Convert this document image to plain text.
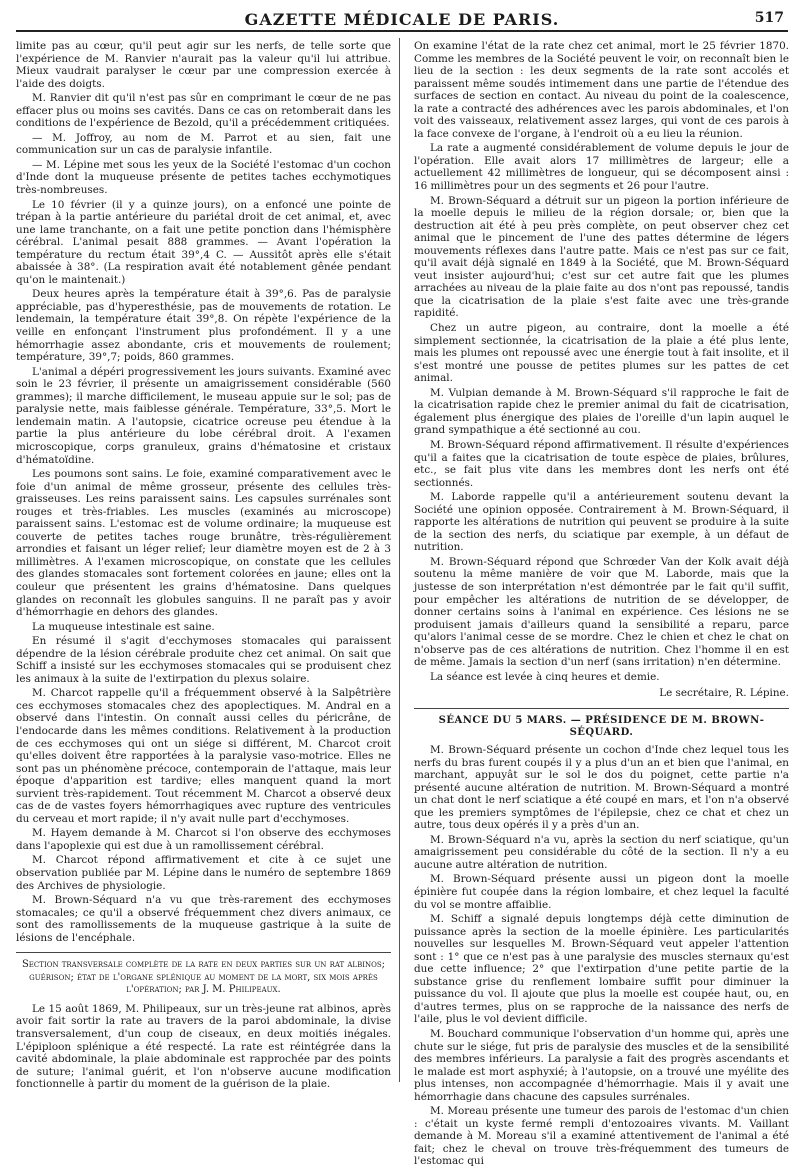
GAZETTE MÉDICALE DE PARIS.	517

limite pas au cœur, qu'il peut agir sur les nerfs, de telle sorte que l'expérience de M. Ranvier n'aurait pas la valeur qu'il lui attribue. Mieux vaudrait paralyser le cœur par une compression exercée à l'aide des doigts.

M. Ranvier dit qu'il n'est pas sûr en comprimant le cœur de ne pas effacer plus ou moins ses cavités. Dans ce cas on retomberait dans les conditions de l'expérience de Bezold, qu'il a précédemment critiquées.

— M. Joffroy, au nom de M. Parrot et au sien, fait une communication sur un cas de paralysie infantile.

— M. Lépine met sous les yeux de la Société l'estomac d'un cochon d'Inde dont la muqueuse présente de petites taches ecchymotiques très-nombreuses.

Le 10 février (il y a quinze jours), on a enfoncé une pointe de trépan à la partie antérieure du pariétal droit de cet animal, et, avec une lame tranchante, on a fait une petite ponction dans l'hémisphère cérébral. L'animal pesait 888 grammes. — Avant l'opération la température du rectum était 39°,4 C. — Aussitôt après elle s'était abaissée à 38°. (La respiration avait été notablement gênée pendant qu'on le maintenait.)

Deux heures après la température était à 39°,6. Pas de paralysie appréciable, pas d'hyperesthésie, pas de mouvements de rotation. Le lendemain, la température était 39°,8. On répète l'expérience de la veille en enfonçant l'instrument plus profondément. Il y a une hémorrhagie assez abondante, cris et mouvements de roulement; température, 39°,7; poids, 860 grammes.

L'animal a dépéri progressivement les jours suivants. Examiné avec soin le 23 février, il présente un amaigrissement considérable (560 grammes); il marche difficilement, le museau appuie sur le sol; pas de paralysie nette, mais faiblesse générale. Température, 33°,5. Mort le lendemain matin. A l'autopsie, cicatrice ocreuse peu étendue à la partie la plus antérieure du lobe cérébral droit. A l'examen microscopique, corps granuleux, grains d'hématosine et cristaux d'hématoïdine.

Les poumons sont sains. Le foie, examiné comparativement avec le foie d'un animal de même grosseur, présente des cellules très-graisseuses. Les reins paraissent sains. Les capsules surrénales sont rouges et très-friables. Les muscles (examinés au microscope) paraissent sains. L'estomac est de volume ordinaire; la muqueuse est couverte de petites taches rouge brunâtre, très-régulièrement arrondies et faisant un léger relief; leur diamètre moyen est de 2 à 3 millimètres. A l'examen microscopique, on constate que les cellules des glandes stomacales sont fortement colorées en jaune; elles ont la couleur que présentent les grains d'hématosine. Dans quelques glandes on reconnaît les globules sanguins. Il ne paraît pas y avoir d'hémorrhagie en dehors des glandes.

La muqueuse intestinale est saine.

En résumé il s'agit d'ecchymoses stomacales qui paraissent dépendre de la lésion cérébrale produite chez cet animal. On sait que Schiff a insisté sur les ecchymoses stomacales qui se produisent chez les animaux à la suite de l'extirpation du plexus solaire.

M. Charcot rappelle qu'il a fréquemment observé à la Salpêtrière ces ecchymoses stomacales chez des apoplectiques. M. Andral en a observé dans l'intestin. On connaît aussi celles du péricrâne, de l'endocarde dans les mêmes conditions. Relativement à la production de ces ecchymoses qui ont un siége si différent, M. Charcot croit qu'elles doivent être rapportées à la paralysie vaso-motrice. Elles ne sont pas un phénomène précoce, contemporain de l'attaque, mais leur époque d'apparition est tardive; elles manquent quand la mort survient très-rapidement. Tout récemment M. Charcot a observé deux cas de de vastes foyers hémorrhagiques avec rupture des ventricules du cerveau et mort rapide; il n'y avait nulle part d'ecchymoses.

M. Hayem demande à M. Charcot si l'on observe des ecchymoses dans l'apoplexie qui est due à un ramollissement cérébral.

M. Charcot répond affirmativement et cite à ce sujet une observation publiée par M. Lépine dans le numéro de septembre 1869 des Archives de physiologie.

M. Brown-Séquard n'a vu que très-rarement des ecchymoses stomacales; ce qu'il a observé fréquemment chez divers animaux, ce sont des ramollissements de la muqueuse gastrique à la suite de lésions de l'encéphale.

Section transversale complète de la rate en deux parties sur un rat albinos; guérison; état de l'organe splénique au moment de la mort, six mois après l'opération; par J. M. Philipeaux.

Le 15 août 1869, M. Philipeaux, sur un très-jeune rat albinos, après avoir fait sortir la rate au travers de la paroi abdominale, la divise transversalement, d'un coup de ciseaux, en deux moitiés inégales. L'épiploon splénique a été respecté. La rate est réintégrée dans la cavité abdominale, la plaie abdominale est rapprochée par des points de suture; l'animal guérit, et l'on n'observe aucune modification fonctionnelle à partir du moment de la guérison de la plaie.

On examine l'état de la rate chez cet animal, mort le 25 février 1870. Comme les membres de la Société peuvent le voir, on reconnaît bien le lieu de la section : les deux segments de la rate sont accolés et paraissent même soudés intimement dans une partie de l'étendue des surfaces de section en contact. Au niveau du point de la coalescence, la rate a contracté des adhérences avec les parois abdominales, et l'on voit des vaisseaux, relativement assez larges, qui vont de ces parois à la face convexe de l'organe, à l'endroit où a eu lieu la réunion.

La rate a augmenté considérablement de volume depuis le jour de l'opération. Elle avait alors 17 millimètres de largeur; elle a actuellement 42 millimètres de longueur, qui se décomposent ainsi : 16 millimètres pour un des segments et 26 pour l'autre.

M. Brown-Séquard a détruit sur un pigeon la portion inférieure de la moelle depuis le milieu de la région dorsale; or, bien que la destruction ait été à peu près complète, on peut observer chez cet animal que le pincement de l'une des pattes détermine de légers mouvements réflexes dans l'autre patte. Mais ce n'est pas sur ce fait, qu'il avait déjà signalé en 1849 à la Société, que M. Brown-Séquard veut insister aujourd'hui; c'est sur cet autre fait que les plumes arrachées au niveau de la plaie faite au dos n'ont pas repoussé, tandis que la cicatrisation de la plaie s'est faite avec une très-grande rapidité.

Chez un autre pigeon, au contraire, dont la moelle a été simplement sectionnée, la cicatrisation de la plaie a été plus lente, mais les plumes ont repoussé avec une énergie tout à fait insolite, et il s'est montré une pousse de petites plumes sur les pattes de cet animal.

M. Vulpian demande à M. Brown-Séquard s'il rapproche le fait de la cicatrisation rapide chez le premier animal du fait de cicatrisation, également plus énergique des plaies de l'oreille d'un lapin auquel le grand sympathique a été sectionné au cou.

M. Brown-Séquard répond affirmativement. Il résulte d'expériences qu'il a faites que la cicatrisation de toute espèce de plaies, brûlures, etc., se fait plus vite dans les membres dont les nerfs ont été sectionnés.

M. Laborde rappelle qu'il a antérieurement soutenu devant la Société une opinion opposée. Contrairement à M. Brown-Séquard, il rapporte les altérations de nutrition qui peuvent se produire à la suite de la section des nerfs, du sciatique par exemple, à un défaut de nutrition.

M. Brown-Séquard répond que Schrœder Van der Kolk avait déjà soutenu la même manière de voir que M. Laborde, mais que la justesse de son interprétation n'est démontrée par le fait qu'il suffit, pour empêcher les altérations de nutrition de se développer, de donner certains soins à l'animal en expérience. Ces lésions ne se produisent jamais d'ailleurs quand la sensibilité a reparu, parce qu'alors l'animal cesse de se mordre. Chez le chien et chez le chat on n'observe pas de ces altérations de nutrition. Chez l'homme il en est de même. Jamais la section d'un nerf (sans irritation) n'en détermine.

La séance est levée à cinq heures et demie.

Le secrétaire, R. Lépine.

SÉANCE DU 5 MARS. — PRÉSIDENCE DE M. BROWN-SÉQUARD.

M. Brown-Séquard présente un cochon d'Inde chez lequel tous les nerfs du bras furent coupés il y a plus d'un an et bien que l'animal, en marchant, appuyât sur le sol le dos du poignet, cette partie n'a présenté aucune altération de nutrition. M. Brown-Séquard a montré un chat dont le nerf sciatique a été coupé en mars, et l'on n'a observé que les premiers symptômes de l'épilepsie, chez ce chat et chez un autre, tous deux opérés il y a près d'un an.

M. Brown-Séquard n'a vu, après la section du nerf sciatique, qu'un amaigrissement peu considérable du côté de la section. Il n'y a eu aucune autre altération de nutrition.

M. Brown-Séquard présente aussi un pigeon dont la moelle épinière fut coupée dans la région lombaire, et chez lequel la faculté du vol se montre affaiblie.

M. Schiff a signalé depuis longtemps déjà cette diminution de puissance après la section de la moelle épinière. Les particularités nouvelles sur lesquelles M. Brown-Séquard veut appeler l'attention sont : 1° que ce n'est pas à une paralysie des muscles sternaux qu'est due cette influence; 2° que l'extirpation d'une petite partie de la substance grise du renflement lombaire suffit pour diminuer la puissance du vol. Il ajoute que plus la moelle est coupée haut, ou, en d'autres termes, plus on se rapproche de la naissance des nerfs de l'aile, plus le vol devient difficile.

M. Bouchard communique l'observation d'un homme qui, après une chute sur le siége, fut pris de paralysie des muscles et de la sensibilité des membres inférieurs. La paralysie a fait des progrès ascendants et le malade est mort asphyxié; à l'autopsie, on a trouvé une myélite des plus intenses, non accompagnée d'hémorrhagie. Mais il y avait une hémorrhagie dans chacune des capsules surrénales.

M. Moreau présente une tumeur des parois de l'estomac d'un chien : c'était un kyste fermé rempli d'entozoaires vivants. M. Vaillant demande à M. Moreau s'il a examiné attentivement de l'animal a été fait; chez le cheval on trouve très-fréquemment des tumeurs de l'estomac qui
